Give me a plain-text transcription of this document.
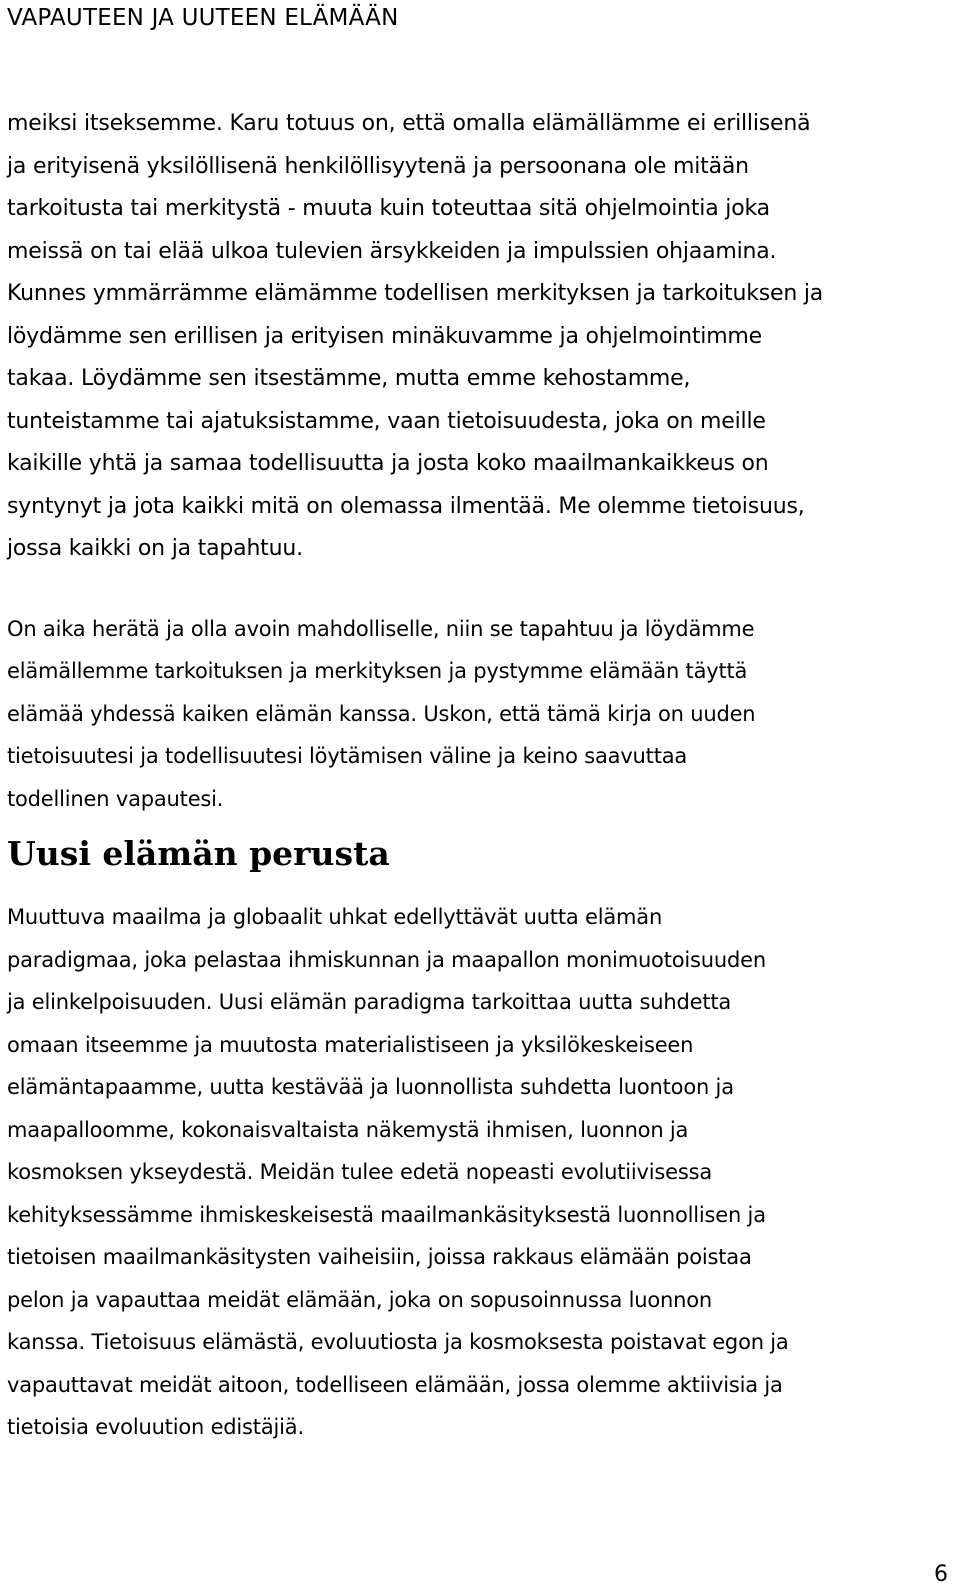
VAPAUTEEN JA UUTEEN ELÄMÄÄN

meiksi itseksemme. Karu totuus on, että omalla elämällämme ei erillisenä
ja erityisenä yksilöllisenä henkilöllisyytenä ja persoonana ole mitään
tarkoitusta tai merkitystä - muuta kuin toteuttaa sitä ohjelmointia joka
meissä on tai elää ulkoa tulevien ärsykkeiden ja impulssien ohjaamina.
Kunnes ymmärrämme elämämme todellisen merkityksen ja tarkoituksen ja
löydämme sen erillisen ja erityisen minäkuvamme ja ohjelmointimme
takaa. Löydämme sen itsestämme, mutta emme kehostamme,
tunteistamme tai ajatuksistamme, vaan tietoisuudesta, joka on meille
kaikille yhtä ja samaa todellisuutta ja josta koko maailmankaikkeus on
syntynyt ja jota kaikki mitä on olemassa ilmentää. Me olemme tietoisuus,
jossa kaikki on ja tapahtuu.

On aika herätä ja olla avoin mahdolliselle, niin se tapahtuu ja löydämme
elämällemme tarkoituksen ja merkityksen ja pystymme elämään täyttä
elämää yhdessä kaiken elämän kanssa. Uskon, että tämä kirja on uuden
tietoisuutesi ja todellisuutesi löytämisen väline ja keino saavuttaa
todellinen vapautesi.

Uusi elämän perusta

Muuttuva maailma ja globaalit uhkat edellyttävät uutta elämän
paradigmaa, joka pelastaa ihmiskunnan ja maapallon monimuotoisuuden
ja elinkelpoisuuden. Uusi elämän paradigma tarkoittaa uutta suhdetta
omaan itseemme ja muutosta materialistiseen ja yksilökeskeiseen
elämäntapaamme, uutta kestävää ja luonnollista suhdetta luontoon ja
maapalloomme, kokonaisvaltaista näkemystä ihmisen, luonnon ja
kosmoksen ykseydestä. Meidän tulee edetä nopeasti evolutiivisessa
kehityksessämme ihmiskeskeisestä maailmankäsityksestä luonnollisen ja
tietoisen maailmankäsitysten vaiheisiin, joissa rakkaus elämään poistaa
pelon ja vapauttaa meidät elämään, joka on sopusoinnussa luonnon
kanssa. Tietoisuus elämästä, evoluutiosta ja kosmoksesta poistavat egon ja
vapauttavat meidät aitoon, todelliseen elämään, jossa olemme aktiivisia ja
tietoisia evoluution edistäjiä.

6
